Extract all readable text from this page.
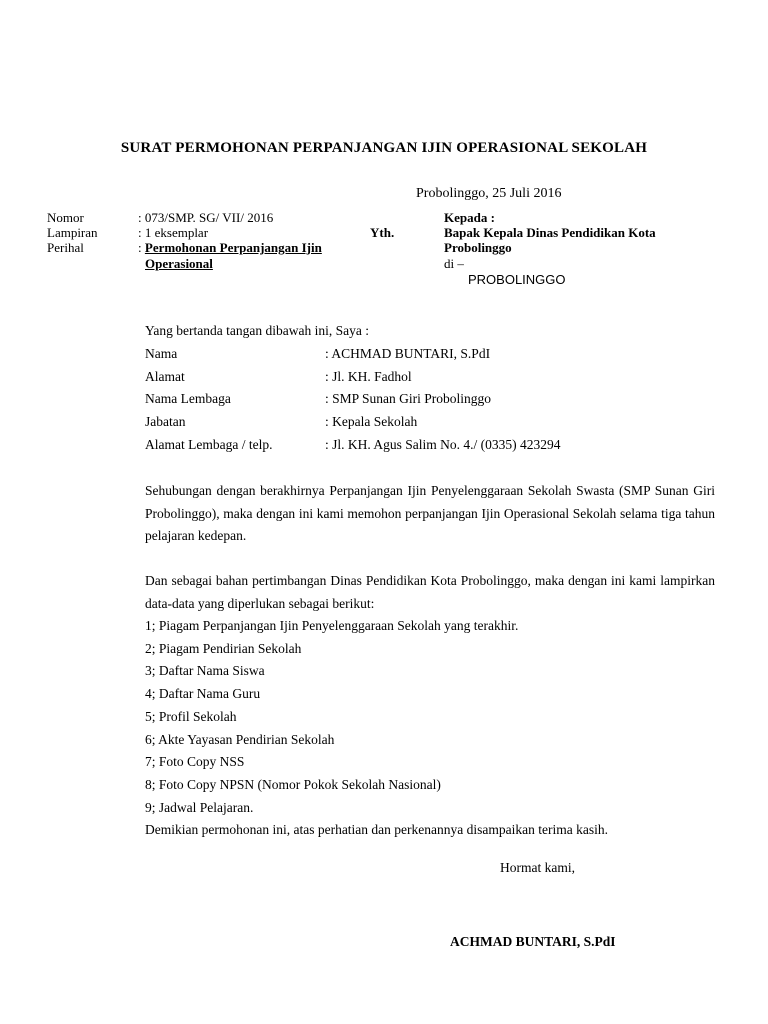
SURAT PERMOHONAN PERPANJANGAN IJIN OPERASIONAL SEKOLAH
Probolinggo, 25 Juli 2016
Nomor	: 073/SMP. SG/ VII/ 2016
Lampiran	: 1 eksemplar
Perihal	: Permohonan Perpanjangan Ijin
Operasional
Yth.
Kepada :
Bapak Kepala Dinas Pendidikan Kota
Probolinggo
di –
PROBOLINGGO
Yang bertanda tangan dibawah ini, Saya :
Nama	: ACHMAD BUNTARI, S.PdI
Alamat	: Jl. KH. Fadhol
Nama Lembaga	: SMP Sunan Giri Probolinggo
Jabatan	: Kepala Sekolah
Alamat Lembaga / telp.	: Jl. KH. Agus Salim No. 4./ (0335) 423294
Sehubungan dengan berakhirnya Perpanjangan Ijin Penyelenggaraan Sekolah Swasta (SMP Sunan Giri Probolinggo), maka dengan ini kami memohon perpanjangan Ijin Operasional Sekolah selama tiga tahun pelajaran kedepan.
Dan sebagai bahan pertimbangan Dinas Pendidikan Kota Probolinggo, maka dengan ini kami lampirkan data-data yang diperlukan sebagai berikut:
1; Piagam Perpanjangan Ijin Penyelenggaraan Sekolah yang terakhir.
2; Piagam Pendirian Sekolah
3; Daftar Nama Siswa
4; Daftar Nama Guru
5; Profil Sekolah
6; Akte Yayasan Pendirian Sekolah
7; Foto Copy NSS
8; Foto Copy NPSN (Nomor Pokok Sekolah Nasional)
9; Jadwal Pelajaran.
Demikian permohonan ini, atas perhatian dan perkenannya disampaikan terima kasih.
Hormat kami,
ACHMAD BUNTARI, S.PdI
